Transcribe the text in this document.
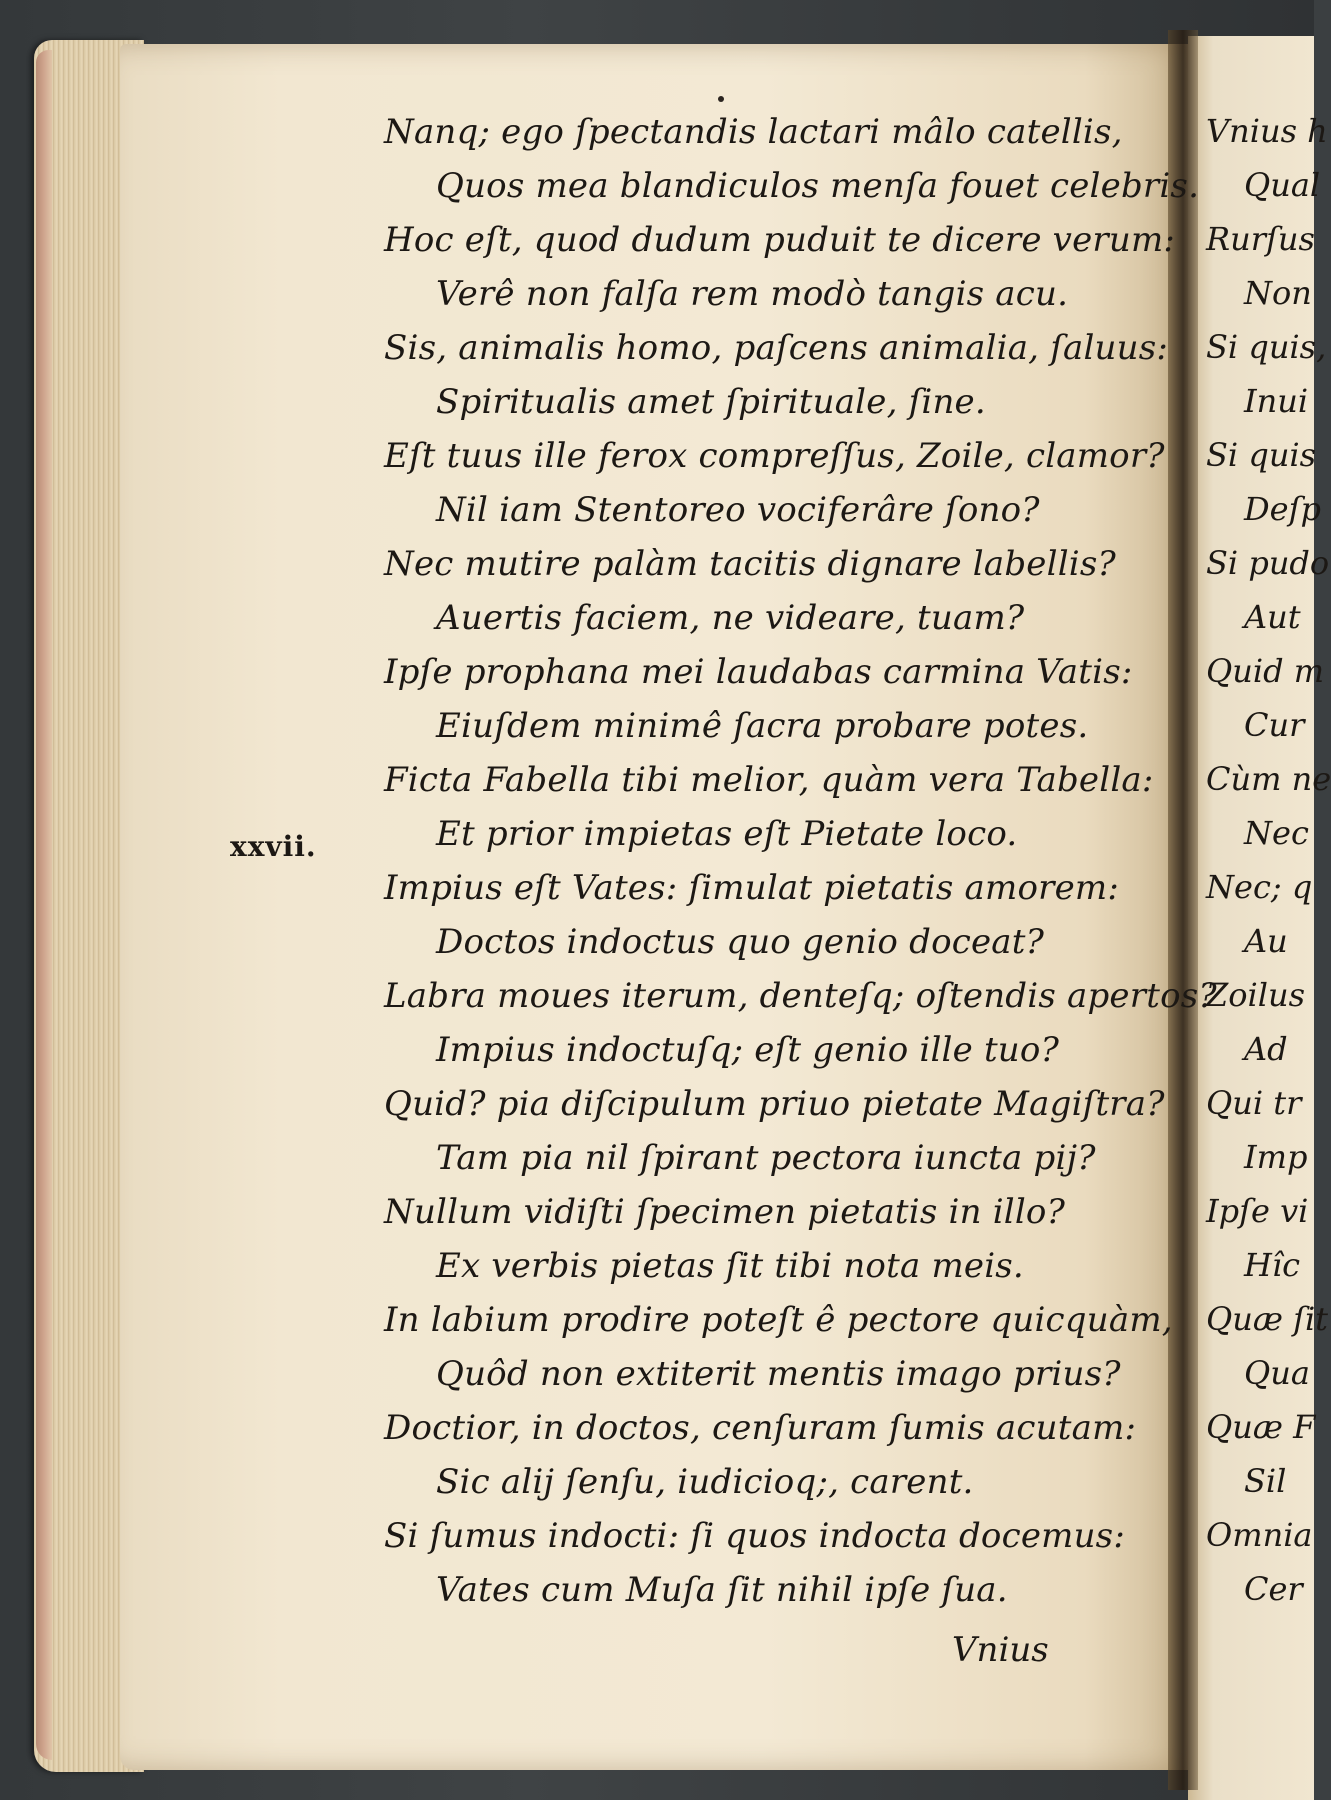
xxvii.
Nanq; ego ſpectandis lactari mâlo catellis,
Quos mea blandiculos menſa fouet celebris.
Hoc eſt, quod dudum puduit te dicere verum:
Verê non falſa rem modò tangis acu.
Sis, animalis homo, paſcens animalia, ſaluus:
Spiritualis amet ſpirituale, ſine.
Eſt tuus ille ferox compreſſus, Zoile, clamor?
Nil iam Stentoreo vociferâre ſono?
Nec mutire palàm tacitis dignare labellis?
Auertis faciem, ne videare, tuam?
Ipſe prophana mei laudabas carmina Vatis:
Eiuſdem minimê ſacra probare potes.
Ficta Fabella tibi melior, quàm vera Tabella:
Et prior impietas eſt Pietate loco.
Impius eſt Vates: ſimulat pietatis amorem:
Doctos indoctus quo genio doceat?
Labra moues iterum, denteſq; oſtendis apertos?
Impius indoctuſq; eſt genio ille tuo?
Quid? pia diſcipulum priuo pietate Magiſtra?
Tam pia nil ſpirant pectora iuncta pij?
Nullum vidiſti ſpecimen pietatis in illo?
Ex verbis pietas ſit tibi nota meis.
In labium prodire poteſt ê pectore quicquàm,
Quôd non extiterit mentis imago prius?
Doctior, in doctos, cenſuram ſumis acutam:
Sic alij ſenſu, iudicioq;, carent.
Si ſumus indocti: ſi quos indocta docemus:
Vates cum Muſa ſit nihil ipſe ſua.
Vnius
Vnius h
Qual
Rurſus
Non
Si quis,
Inui
Si quis
Deſp
Si pudo
Aut
Quid m
Cur
Cùm ne
Nec
Nec; q
Au
Zoilus
Ad
Qui tr
Imp
Ipſe vi
Hîc
Quæ ſit
Qua
Quæ F
Sil
Omnia
Cer
